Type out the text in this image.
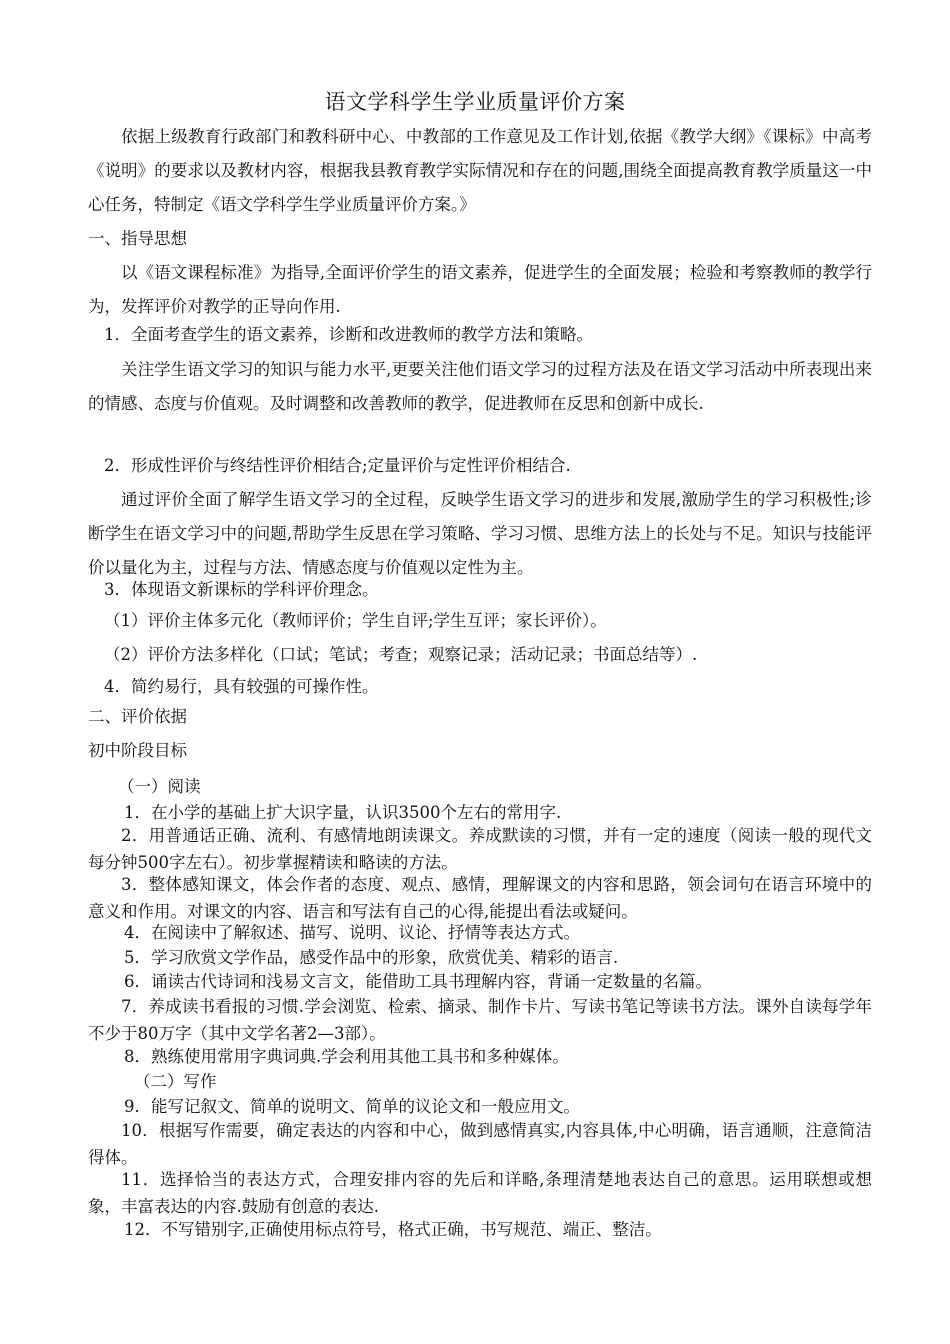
语文学科学生学业质量评价方案

依据上级教育行政部门和教科研中心、中教部的工作意见及工作计划,依据《教学大纲》《课标》中高考《说明》的要求以及教材内容，根据我县教育教学实际情况和存在的问题,围绕全面提高教育教学质量这一中心任务，特制定《语文学科学生学业质量评价方案。》

一、指导思想

以《语文课程标准》为指导,全面评价学生的语文素养，促进学生的全面发展；检验和考察教师的教学行为，发挥评价对教学的正导向作用.

1．全面考查学生的语文素养，诊断和改进教师的教学方法和策略。

关注学生语文学习的知识与能力水平,更要关注他们语文学习的过程方法及在语文学习活动中所表现出来的情感、态度与价值观。及时调整和改善教师的教学，促进教师在反思和创新中成长.

2．形成性评价与终结性评价相结合;定量评价与定性评价相结合.

通过评价全面了解学生语文学习的全过程，反映学生语文学习的进步和发展,激励学生的学习积极性;诊断学生在语文学习中的问题,帮助学生反思在学习策略、学习习惯、思维方法上的长处与不足。知识与技能评价以量化为主，过程与方法、情感态度与价值观以定性为主。

3．体现语文新课标的学科评价理念。
（1）评价主体多元化（教师评价；学生自评;学生互评；家长评价）。
（2）评价方法多样化（口试；笔试；考查；观察记录；活动记录；书面总结等）.
4．简约易行，具有较强的可操作性。
二、评价依据
初中阶段目标
（一）阅读
1．在小学的基础上扩大识字量，认识3500个左右的常用字.

2．用普通话正确、流利、有感情地朗读课文。养成默读的习惯，并有一定的速度（阅读一般的现代文每分钟500字左右）。初步掌握精读和略读的方法。

3．整体感知课文，体会作者的态度、观点、感情，理解课文的内容和思路，领会词句在语言环境中的意义和作用。对课文的内容、语言和写法有自己的心得,能提出看法或疑问。

4．在阅读中了解叙述、描写、说明、议论、抒情等表达方式。
5．学习欣赏文学作品，感受作品中的形象，欣赏优美、精彩的语言.
6．诵读古代诗词和浅易文言文，能借助工具书理解内容，背诵一定数量的名篇。

7．养成读书看报的习惯.学会浏览、检索、摘录、制作卡片、写读书笔记等读书方法。课外自读每学年不少于80万字（其中文学名著2—3部）。

8．熟练使用常用字典词典.学会利用其他工具书和多种媒体。
（二）写作
9．能写记叙文、简单的说明文、简单的议论文和一般应用文。

10．根据写作需要，确定表达的内容和中心，做到感情真实,内容具体,中心明确，语言通顺，注意简洁得体。

11．选择恰当的表达方式，合理安排内容的先后和详略,条理清楚地表达自己的意思。运用联想或想象，丰富表达的内容.鼓励有创意的表达.

12．不写错别字,正确使用标点符号，格式正确，书写规范、端正、整洁。
